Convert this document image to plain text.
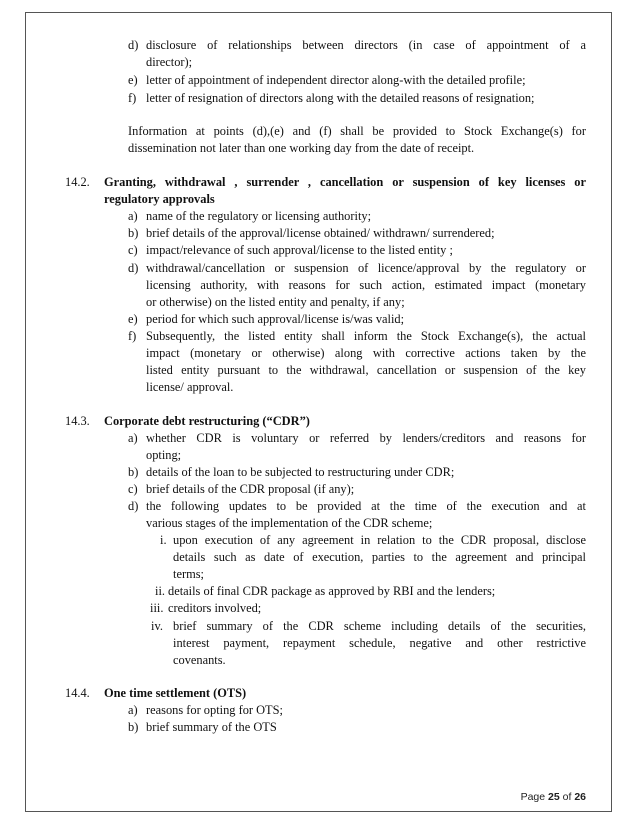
d) disclosure of relationships between directors (in case of appointment of a
director);
e) letter of appointment of independent director along-with the detailed profile;
f) letter of resignation of directors along with the detailed reasons of resignation;
Information at points (d),(e) and (f) shall be provided to Stock Exchange(s) for
dissemination not later than one working day from the date of receipt.
14.2. Granting, withdrawal , surrender , cancellation or suspension of key licenses or
regulatory approvals
a) name of the regulatory or licensing authority;
b) brief details of the approval/license obtained/ withdrawn/ surrendered;
c) impact/relevance of such approval/license to the listed entity ;
d) withdrawal/cancellation or suspension of licence/approval by the regulatory or
licensing authority, with reasons for such action, estimated impact (monetary
or otherwise) on the listed entity and penalty, if any;
e) period for which such approval/license is/was valid;
f) Subsequently, the listed entity shall inform the Stock Exchange(s), the actual
impact (monetary or otherwise) along with corrective actions taken by the
listed entity pursuant to the withdrawal, cancellation or suspension of the key
license/ approval.
14.3. Corporate debt restructuring (“CDR”)
a) whether CDR is voluntary or referred by lenders/creditors and reasons for
opting;
b) details of the loan to be subjected to restructuring under CDR;
c) brief details of the CDR proposal (if any);
d) the following updates to be provided at the time of the execution and at
various stages of the implementation of the CDR scheme;
i. upon execution of any agreement in relation to the CDR proposal, disclose
details such as date of execution, parties to the agreement and principal
terms;
ii. details of final CDR package as approved by RBI and the lenders;
iii. creditors involved;
iv. brief summary of the CDR scheme including details of the securities,
interest payment, repayment schedule, negative and other restrictive
covenants.
14.4. One time settlement (OTS)
a) reasons for opting for OTS;
b) brief summary of the OTS
Page 25 of 26
